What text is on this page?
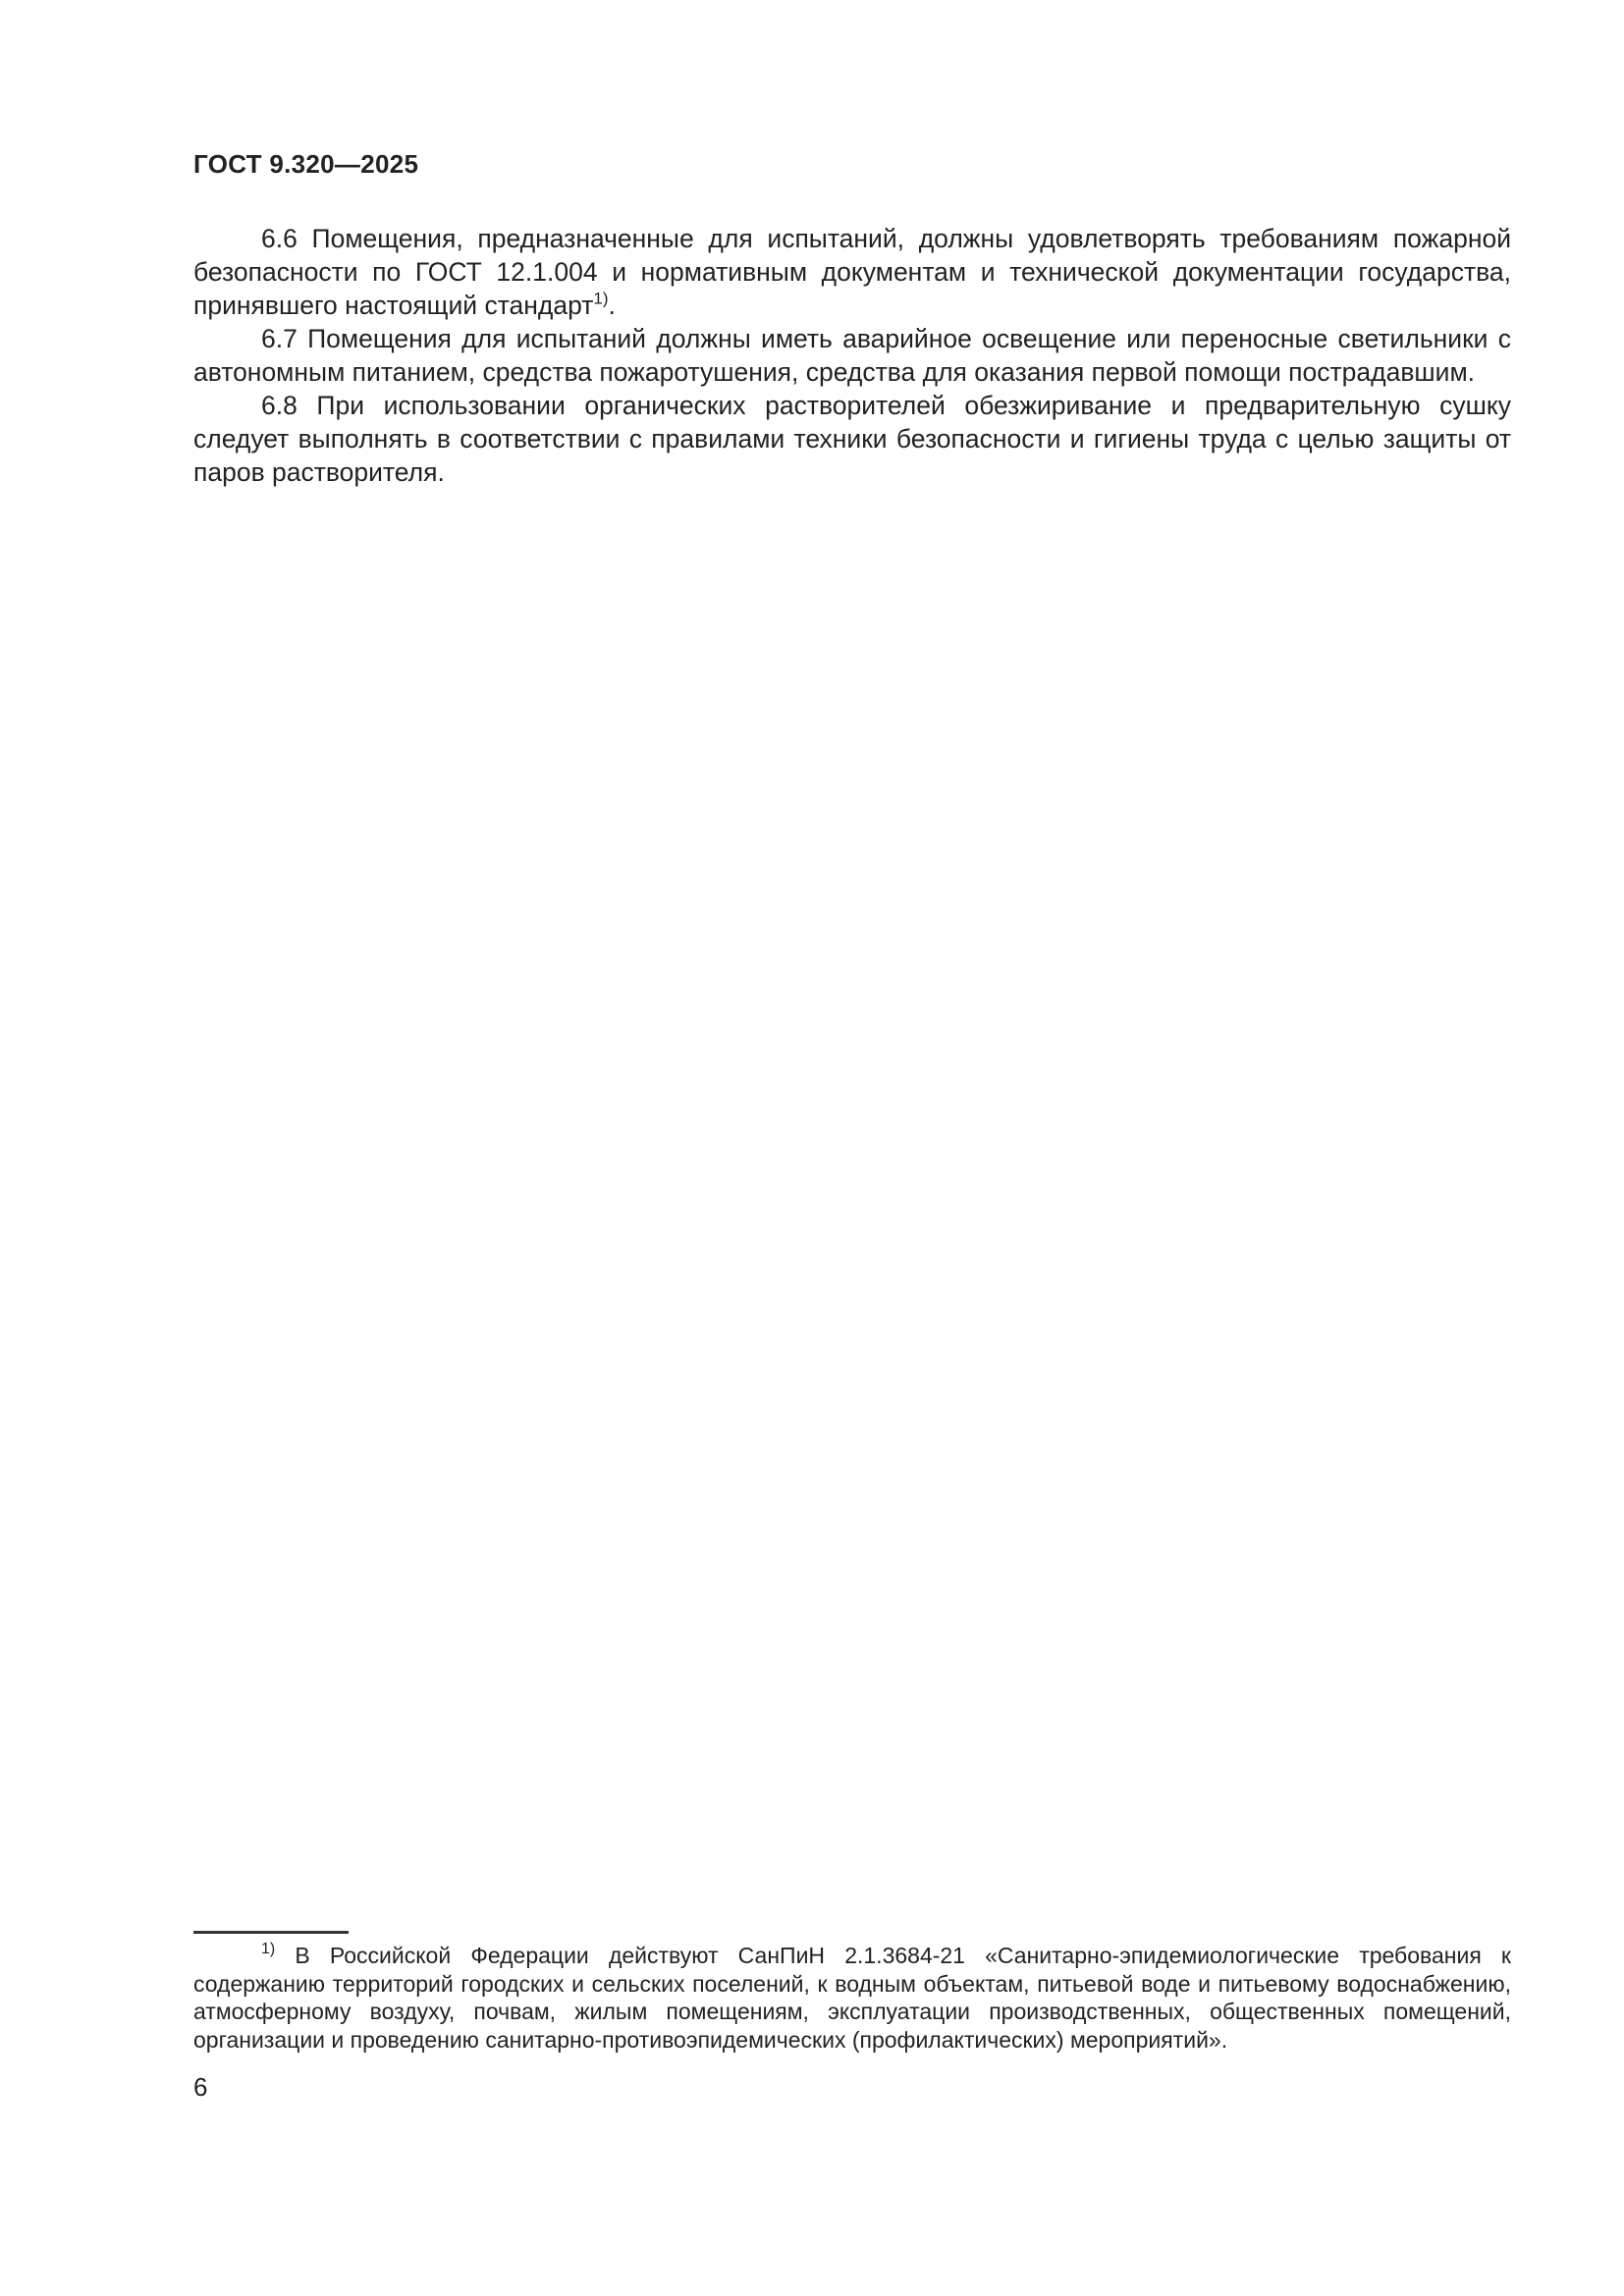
ГОСТ 9.320—2025

6.6 Помещения, предназначенные для испытаний, должны удовлетворять требованиям пожарной безопасности по ГОСТ 12.1.004 и нормативным документам и технической документации государства, принявшего настоящий стандарт$^{1)}$.

6.7 Помещения для испытаний должны иметь аварийное освещение или переносные светильники с автономным питанием, средства пожаротушения, средства для оказания первой помощи пострадавшим.

6.8 При использовании органических растворителей обезжиривание и предварительную сушку следует выполнять в соответствии с правилами техники безопасности и гигиены труда с целью защиты от паров растворителя.

$^{1)}$ В Российской Федерации действуют СанПиН 2.1.3684-21 «Санитарно-эпидемиологические требования к содержанию территорий городских и сельских поселений, к водным объектам, питьевой воде и питьевому водоснабжению, атмосферному воздуху, почвам, жилым помещениям, эксплуатации производственных, общественных помещений, организации и проведению санитарно-противоэпидемических (профилактических) мероприятий».

6
